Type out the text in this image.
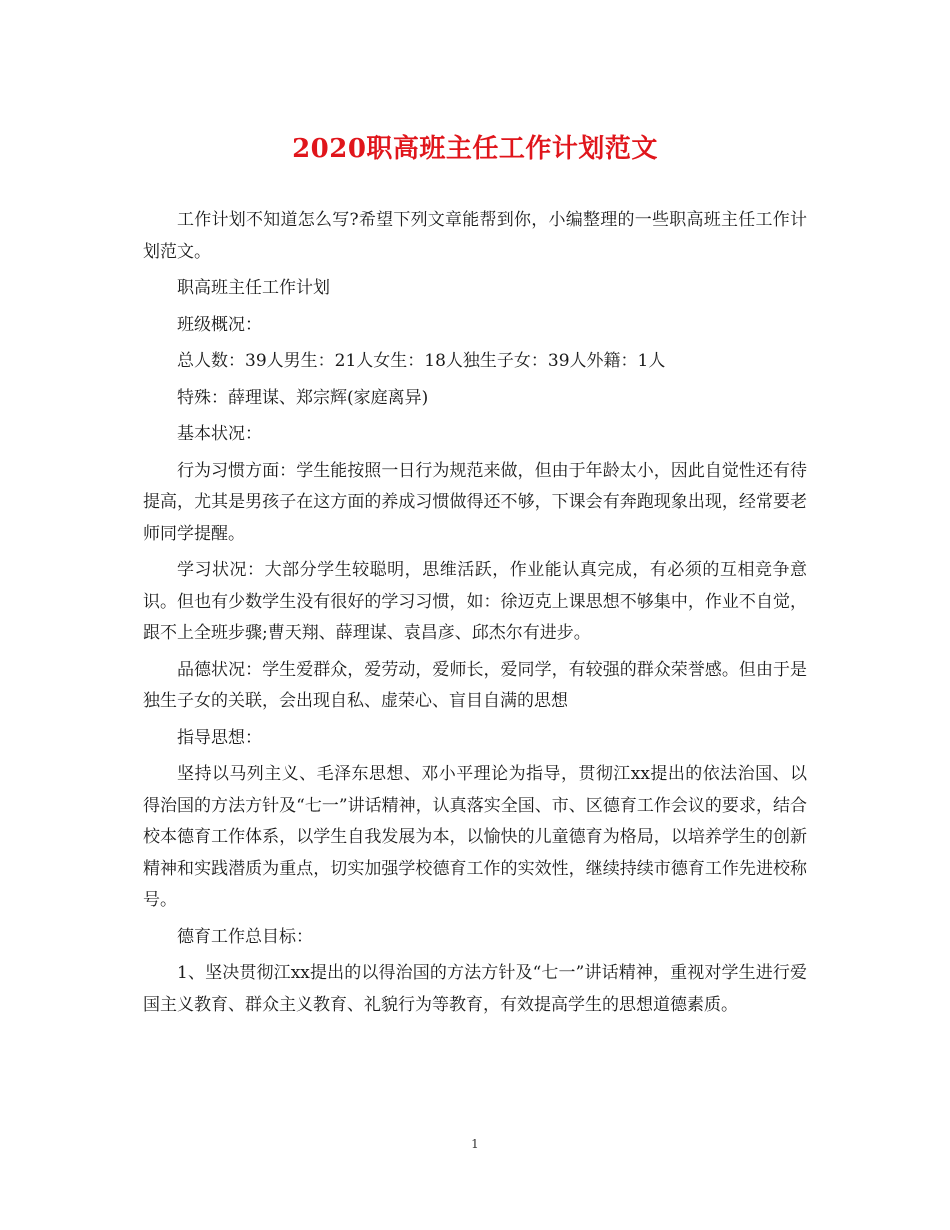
2020职高班主任工作计划范文

工作计划不知道怎么写?希望下列文章能帮到你，小编整理的一些职高班主任工作计划范文。

职高班主任工作计划

班级概况：

总人数：39人男生：21人女生：18人独生子女：39人外籍：1人

特殊：薛理谋、郑宗辉(家庭离异)

基本状况：

行为习惯方面：学生能按照一日行为规范来做，但由于年龄太小，因此自觉性还有待提高，尤其是男孩子在这方面的养成习惯做得还不够，下课会有奔跑现象出现，经常要老师同学提醒。

学习状况：大部分学生较聪明，思维活跃，作业能认真完成，有必须的互相竞争意识。但也有少数学生没有很好的学习习惯，如：徐迈克上课思想不够集中，作业不自觉，跟不上全班步骤;曹天翔、薛理谋、袁昌彦、邱杰尔有进步。

品德状况：学生爱群众，爱劳动，爱师长，爱同学，有较强的群众荣誉感。但由于是独生子女的关联，会出现自私、虚荣心、盲目自满的思想

指导思想：

坚持以马列主义、毛泽东思想、邓小平理论为指导，贯彻江xx提出的依法治国、以得治国的方法方针及“七一”讲话精神，认真落实全国、市、区德育工作会议的要求，结合校本德育工作体系，以学生自我发展为本，以愉快的儿童德育为格局，以培养学生的创新精神和实践潜质为重点，切实加强学校德育工作的实效性，继续持续市德育工作先进校称号。

德育工作总目标：

1、坚决贯彻江xx提出的以得治国的方法方针及“七一”讲话精神，重视对学生进行爱国主义教育、群众主义教育、礼貌行为等教育，有效提高学生的思想道德素质。

1
